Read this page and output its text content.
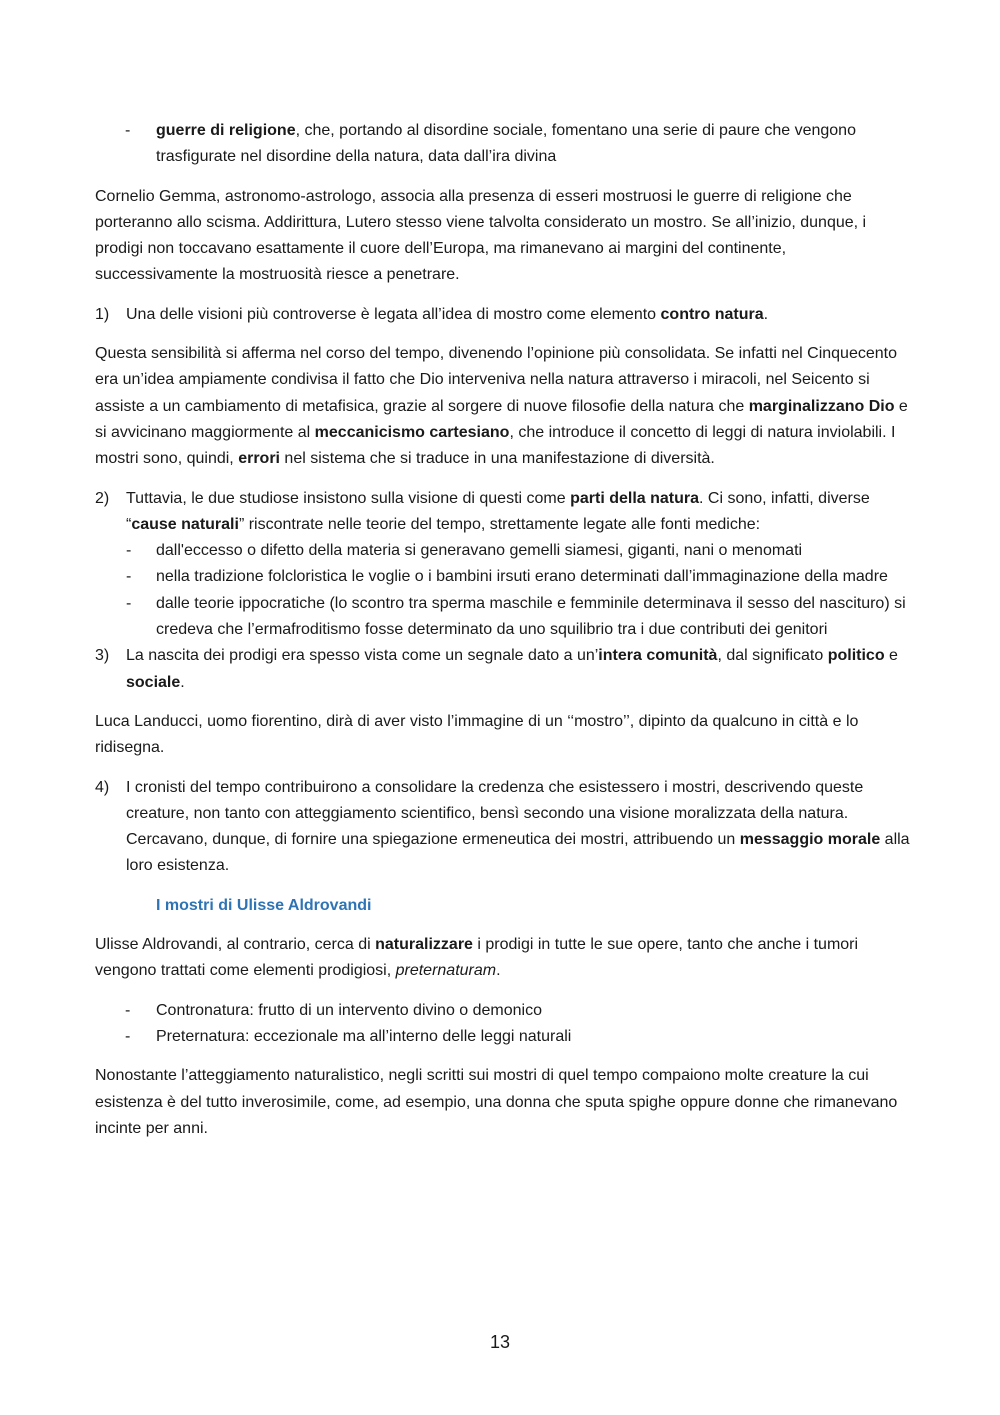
- guerre di religione, che, portando al disordine sociale, fomentano una serie di paure che vengono trasfigurate nel disordine della natura, data dall’ira divina

Cornelio Gemma, astronomo-astrologo, associa alla presenza di esseri mostruosi le guerre di religione che porteranno allo scisma. Addirittura, Lutero stesso viene talvolta considerato un mostro. Se all’inizio, dunque, i prodigi non toccavano esattamente il cuore dell’Europa, ma rimanevano ai margini del continente, successivamente la mostruosità riesce a penetrare.

1) Una delle visioni più controverse è legata all’idea di mostro come elemento contro natura.

Questa sensibilità si afferma nel corso del tempo, divenendo l’opinione più consolidata. Se infatti nel Cinquecento era un’idea ampiamente condivisa il fatto che Dio interveniva nella natura attraverso i miracoli, nel Seicento si assiste a un cambiamento di metafisica, grazie al sorgere di nuove filosofie della natura che marginalizzano Dio e si avvicinano maggiormente al meccanicismo cartesiano, che introduce il concetto di leggi di natura inviolabili. I mostri sono, quindi, errori nel sistema che si traduce in una manifestazione di diversità.

2) Tuttavia, le due studiose insistono sulla visione di questi come parti della natura. Ci sono, infatti, diverse “cause naturali” riscontrate nelle teorie del tempo, strettamente legate alle fonti mediche:
- dall'eccesso o difetto della materia si generavano gemelli siamesi, giganti, nani o menomati
- nella tradizione folcloristica le voglie o i bambini irsuti erano determinati dall’immaginazione della madre
- dalle teorie ippocratiche (lo scontro tra sperma maschile e femminile determinava il sesso del nascituro) si credeva che l’ermafroditismo fosse determinato da uno squilibrio tra i due contributi dei genitori
3) La nascita dei prodigi era spesso vista come un segnale dato a un’intera comunità, dal significato politico e sociale.

Luca Landucci, uomo fiorentino, dirà di aver visto l’immagine di un ‘‘mostro’’, dipinto da qualcuno in città e lo ridisegna.

4) I cronisti del tempo contribuirono a consolidare la credenza che esistessero i mostri, descrivendo queste creature, non tanto con atteggiamento scientifico, bensì secondo una visione moralizzata della natura. Cercavano, dunque, di fornire una spiegazione ermeneutica dei mostri, attribuendo un messaggio morale alla loro esistenza.

I mostri di Ulisse Aldrovandi

Ulisse Aldrovandi, al contrario, cerca di naturalizzare i prodigi in tutte le sue opere, tanto che anche i tumori vengono trattati come elementi prodigiosi, preternaturam.

- Contronatura: frutto di un intervento divino o demonico
- Preternatura: eccezionale ma all’interno delle leggi naturali

Nonostante l’atteggiamento naturalistico, negli scritti sui mostri di quel tempo compaiono molte creature la cui esistenza è del tutto inverosimile, come, ad esempio, una donna che sputa spighe oppure donne che rimanevano incinte per anni.

13
